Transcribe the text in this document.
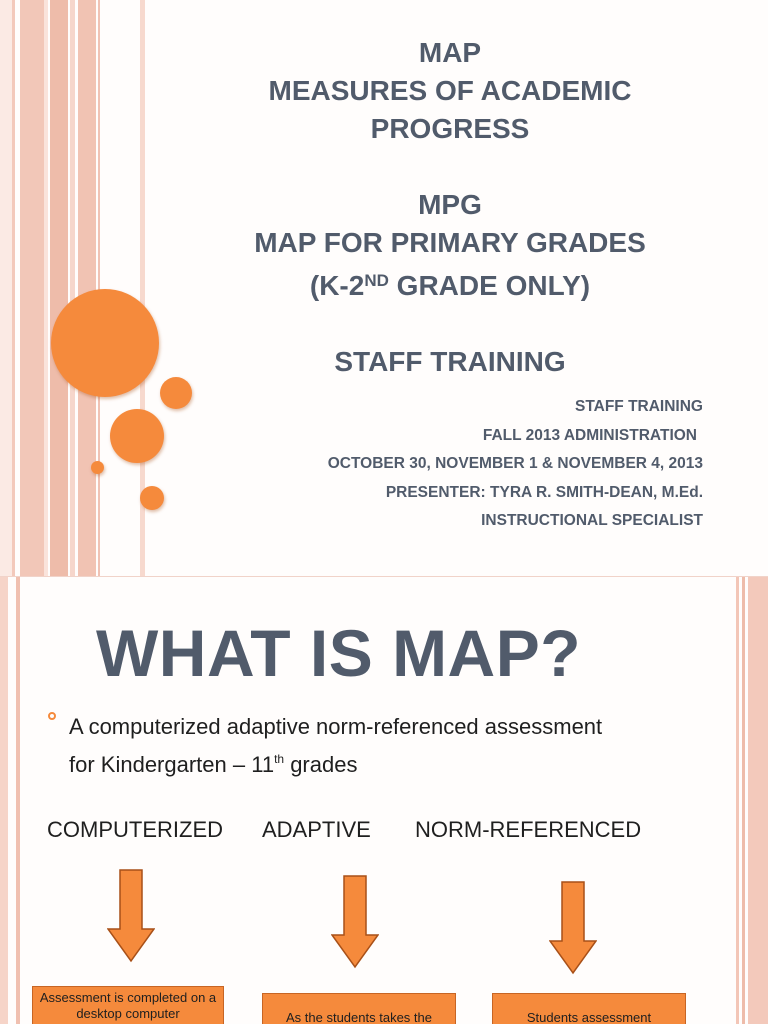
MAP
MEASURES OF ACADEMIC
PROGRESS
MPG
MAP FOR PRIMARY GRADES
(K-2ND GRADE ONLY)
STAFF TRAINING
STAFF TRAINING
FALL 2013 ADMINISTRATION
OCTOBER 30, NOVEMBER 1 & NOVEMBER 4, 2013
PRESENTER: TYRA R. SMITH-DEAN, M.Ed.
INSTRUCTIONAL SPECIALIST
WHAT IS MAP?
A computerized adaptive norm-referenced assessment
for Kindergarten – 11th grades
COMPUTERIZED ADAPTIVE NORM-REFERENCED
Assessment is completed on a desktop computer	As the students takes the	Students assessment
